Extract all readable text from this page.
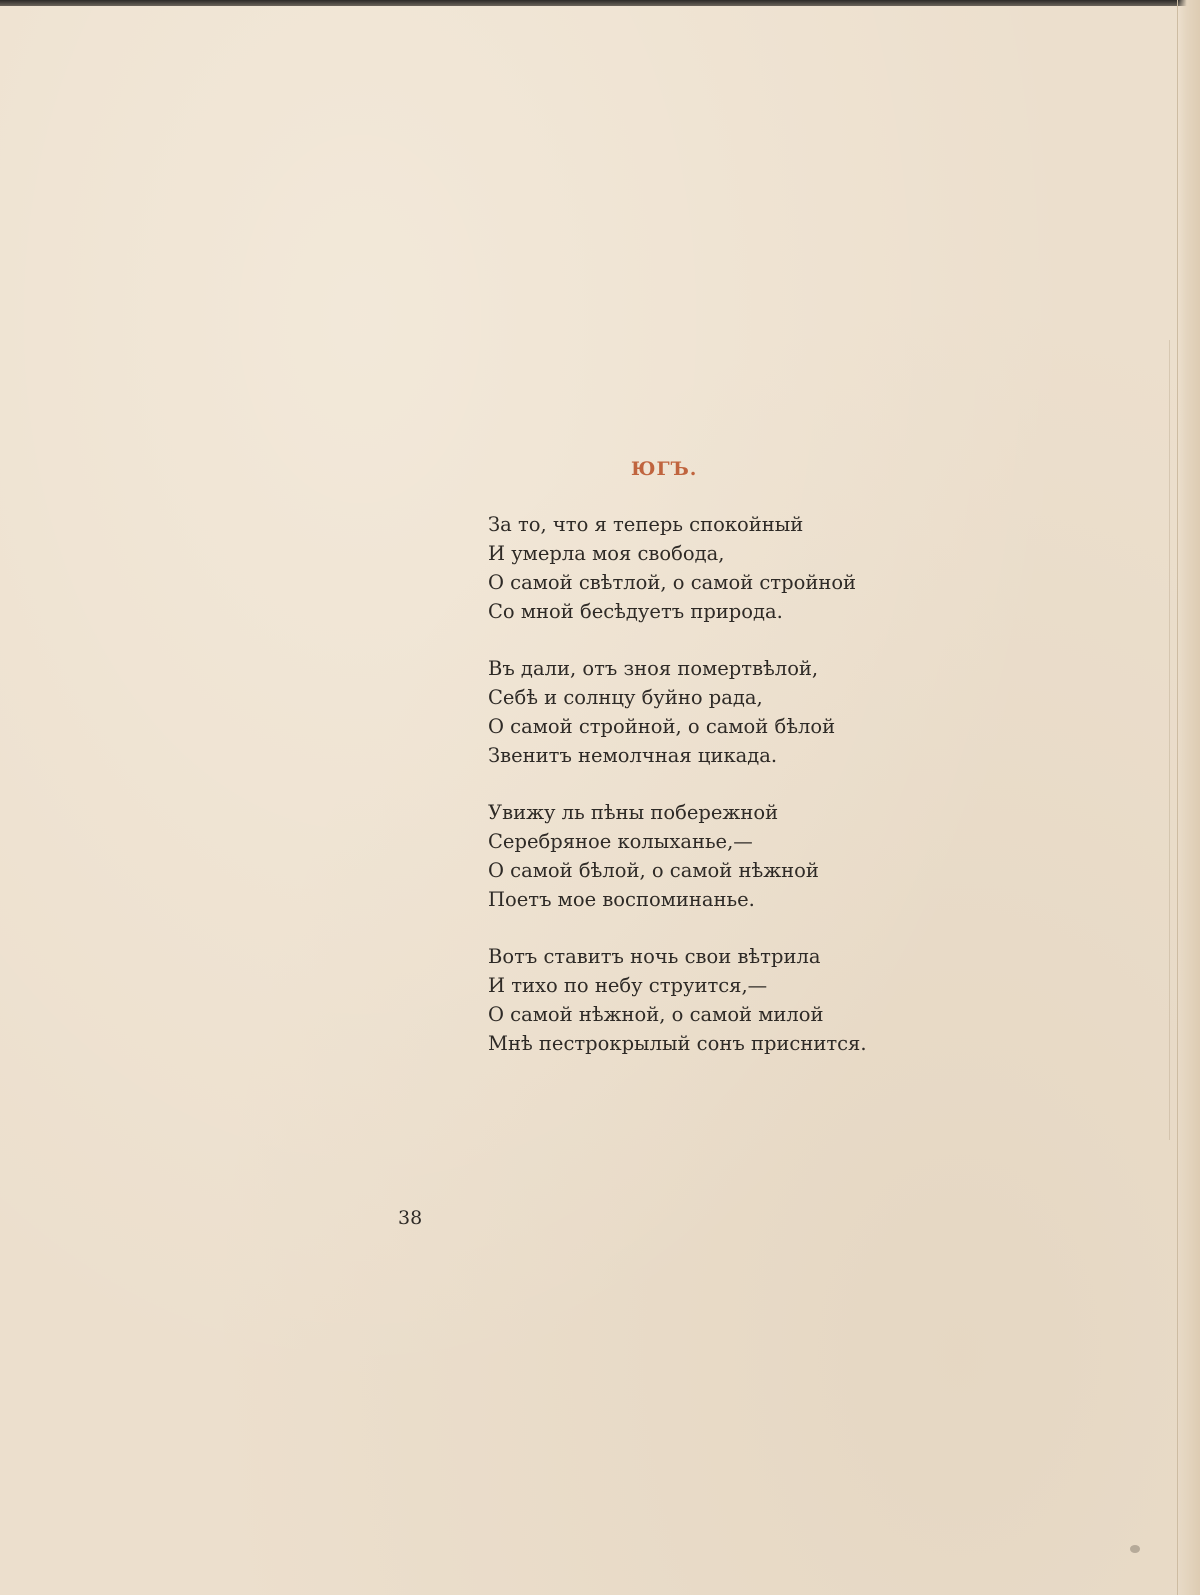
ЮГЪ.
За то, что я теперь спокойный
И умерла моя свобода,
О самой свѣтлой, о самой стройной
Со мной бесѣдуетъ природа.
Въ дали, отъ зноя помертвѣлой,
Себѣ и солнцу буйно рада,
О самой стройной, о самой бѣлой
Звенитъ немолчная цикада.
Увижу ль пѣны побережной
Серебряное колыханье,—
О самой бѣлой, о самой нѣжной
Поетъ мое воспоминанье.
Вотъ ставитъ ночь свои вѣтрила
И тихо по небу струится,—
О самой нѣжной, о самой милой
Мнѣ пестрокрылый сонъ приснится.
38
